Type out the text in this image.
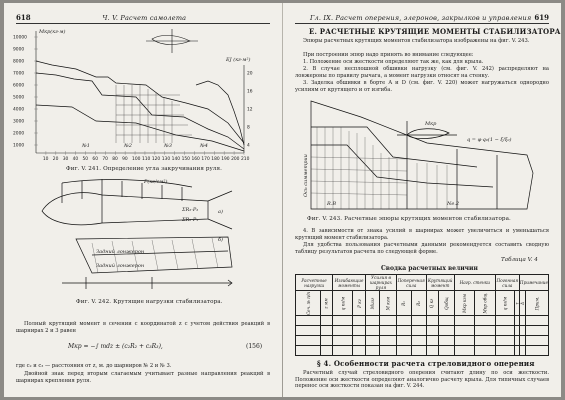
618	Ч. V. Расчет самолета
10000
9000
8000
7000
6000
5000
4000
3000
2000
1000
20
16
12
8
4
10 20 30 40 50 60 70 80 90 100 110 120 130 140 150 160 170 180 190 200 210
Mкр(кг·м)
EJ (кг·м²)
№1	№2	№3	№4
Фиг. V. 241. Определение угла закручивания руля.
а)
б)
P(кг/см²)
ΣR₂·P₂
ΣR₂·P₁
Задний лонжерон
Задний лонжерон
Фиг. V. 242. Крутящие нагрузки стабилизатора.
Полный крутящий момент в сечении с координатой z с учетом действия реакций в шарнирах 2 и 3 равен
Mкр = −∫ mdz ± (c₂R₂ + c₃R₃),	(156)
где c₂ и c₃ — расстояния от z, м. до шарниров № 2 и № 3.
Двойной знак перед вторым слагаемым учитывает разные направления реакций в шарнирах крепления руля.
Гл. IX. Расчет оперения, элеронов, закрылков и управления 619
Е. РАСЧЕТНЫЕ КРУТЯЩИЕ МОМЕНТЫ СТАБИЛИЗАТОРА
Эпюры расчетных крутящих моментов стабилизатора изображены на фиг. V. 243.
При построении эпюр надо принять во внимание следующее:
1. Положение оси жесткости определяют так же, как для крыла.
2. В случае несплошной обшивки нагрузку (см. фиг. V. 242) распределяют на лонжероны по правилу рычага, а момент нагрузки относят на стенку.
3. Заделка обшивки в борте A и D (см. фиг. V. 220) может нагружаться однородно усилиям от крутящего и от изгиба.
Mкр
q = φ·q₀(1 − ξ/ξ₀)
R.B	Ne.2
Ось симметрии
Фиг. V. 243. Расчетные эпюры крутящих моментов стабилизатора.
4. В зависимости от знака усилий в шарнирах может увеличиться и уменьшаться крутящий момент стабилизатора.
Для удобства пользования расчетными данными рекомендуется составить сводную таблицу результатов расчета по следующей форме.
Таблица V. 4
Сводка расчетных величин
Расчетные нагрузки		Изгибающие моменты		Усилия в шарнирах руля		Поперечная сила		Крутящий момент		Нагр. стенки		Погонная сила		Примечание	
Сеч. № п/п	z мм	q кг/м	P кг	Мизг	M кгм	R₁	R₂	Q кг	Qобщ	Mкр кгм	Mкр общ	q кг/м	τ	Δ	Прим.

§ 4. Особенности расчета стреловидного оперения
Расчетный случай стреловидного оперения считают длину по оси жесткости. Положение оси жесткости определяют аналогично расчету крыла. Для типичных случаев перенос оси жесткости показан на фиг. V. 244.
